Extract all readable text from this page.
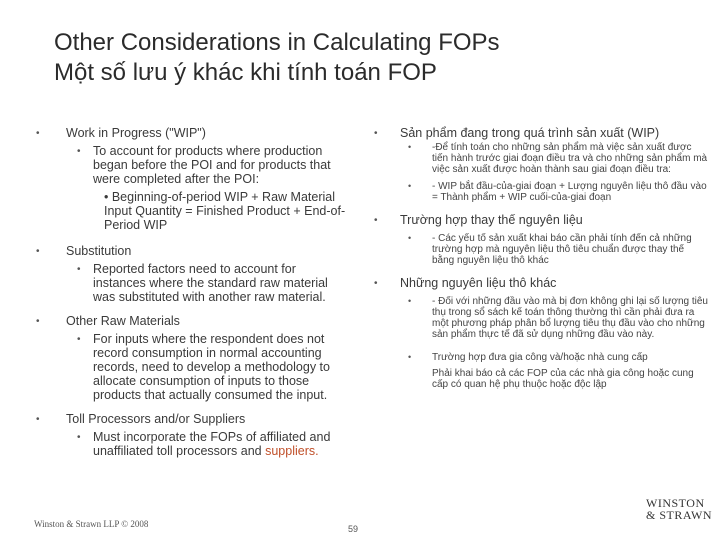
Other Considerations in Calculating FOPs
Một số lưu ý khác khi tính toán FOP
• Work in Progress ("WIP")
• To account for products where production began before the POI and for products that were completed after the POI:
• Beginning-of-period WIP + Raw Material Input Quantity = Finished Product + End-of-Period WIP
• Substitution
• Reported factors need to account for instances where the standard raw material was substituted with another raw material.
• Other Raw Materials
• For inputs where the respondent does not record consumption in normal accounting records, need to develop a methodology to allocate consumption of inputs to those products that actually consumed the input.
• Toll Processors and/or Suppliers
• Must incorporate the FOPs of affiliated and unaffiliated toll processors and suppliers.
• Sản phẩm đang trong quá trình sản xuất (WIP)
• -Để tính toán cho những sản phẩm mà việc sản xuất được tiến hành trước giai đoạn điều tra và cho những sản phẩm mà việc sản xuất được hoàn thành sau giai đoạn điều tra:
• - WIP bắt đầu-của-giai đoạn + Lượng nguyên liệu thô đầu vào = Thành phẩm + WIP cuối-của-giai đoạn
• Trường hợp thay thế nguyên liệu
• - Các yếu tố sản xuất khai báo cần phải tính đến cả những trường hợp mà nguyên liệu thô tiêu chuẩn được thay thế bằng nguyên liệu thô khác
• Những nguyên liệu thô khác
• - Đối với những đầu vào mà bị đơn không ghi lại số lượng tiêu thụ trong sổ sách kế toán thông thường thì cần phải đưa ra một phương pháp phân bổ lượng tiêu thụ đầu vào cho những sản phẩm thực tế đã sử dụng những đầu vào này.
• Trường hợp đưa gia công và/hoặc nhà cung cấp
Phải khai báo cả các FOP của các nhà gia công hoặc cung cấp có quan hệ phụ thuộc hoặc độc lập
Winston & Strawn LLP © 2008	59
WINSTON
& STRAWN
